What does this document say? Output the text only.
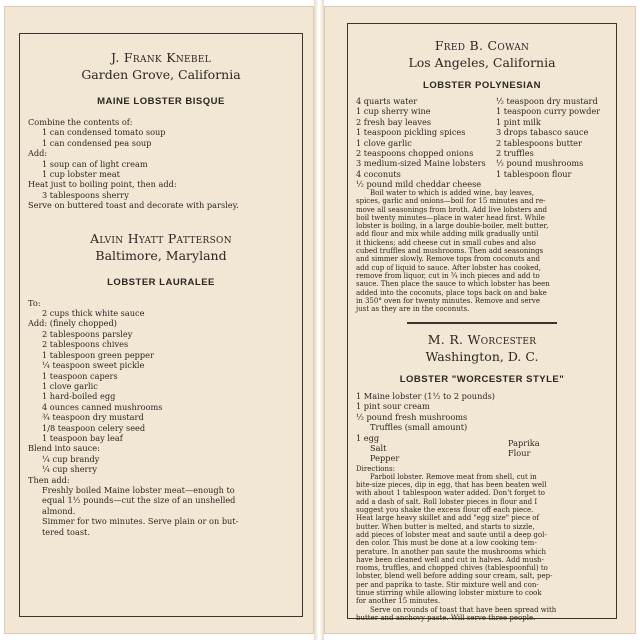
J. Frank Knebel

Garden Grove, California

MAINE LOBSTER BISQUE

Combine the contents of:

1 can condensed tomato soup

1 can condensed pea soup

Add:

1 soup can of light cream

1 cup lobster meat

Heat just to boiling point, then add:

3 tablespoons sherry

Serve on buttered toast and decorate with parsley.

Alvin Hyatt Patterson

Baltimore, Maryland

LOBSTER LAURALEE

To:

2 cups thick white sauce

Add: (finely chopped)

2 tablespoons parsley

2 tablespoons chives

1 tablespoon green pepper

¼ teaspoon sweet pickle

1 teaspoon capers

1 clove garlic

1 hard-boiled egg

4 ounces canned mushrooms

¾ teaspoon dry mustard

1/8 teaspoon celery seed

1 teaspoon bay leaf

Blend into sauce:

¼ cup brandy

¼ cup sherry

Then add:

Freshly boiled Maine lobster meat—enough to

equal 1½ pounds—cut the size of an unshelled

almond.

Simmer for two minutes. Serve plain or on but-

tered toast.

Fred B. Cowan

Los Angeles, California

LOBSTER POLYNESIAN

4 quarts water

1 cup sherry wine

2 fresh bay leaves

1 teaspoon pickling spices

1 clove garlic

2 teaspoons chopped onions

3 medium-sized Maine lobsters

4 coconuts

½ pound mild cheddar cheese

½ teaspoon dry mustard

1 teaspoon curry powder

1 pint milk

3 drops tabasco sauce

2 tablespoons butter

2 truffles

½ pound mushrooms

1 tablespoon flour

Boil water to which is added wine, bay leaves,

spices, garlic and onions—boil for 15 minutes and re-

move all seasonings from broth. Add live lobsters and

boil twenty minutes—place in water head first. While

lobster is boiling, in a large double-boiler, melt butter,

add flour and mix while adding milk gradually until

it thickens; add cheese cut in small cubes and also

cubed truffles and mushrooms. Then add seasonings

and simmer slowly. Remove tops from coconuts and

add cup of liquid to sauce. After lobster has cooked,

remove from liquor, cut in ¾ inch pieces and add to

sauce. Then place the sauce to which lobster has been

added into the coconuts, place tops back on and bake

in 350° oven for twenty minutes. Remove and serve

just as they are in the coconuts.

M. R. Worcester

Washington, D. C.

LOBSTER "WORCESTER STYLE"

1 Maine lobster (1½ to 2 pounds)

1 pint sour cream

½ pound fresh mushrooms

Truffles (small amount)

1 egg

Salt

Pepper

Paprika

Flour

Directions:

Parboil lobster. Remove meat from shell, cut in

bite-size pieces, dip in egg, that has been beaten well

with about 1 tablespoon water added. Don't forget to

add a dash of salt. Roll lobster pieces in flour and I

suggest you shake the excess flour off each piece.

Heat large heavy skillet and add "egg size" piece of

butter. When butter is melted, and starts to sizzle,

add pieces of lobster meat and saute until a deep gol-

den color. This must be done at a low cooking tem-

perature. In another pan saute the mushrooms which

have been cleaned well and cut in halves. Add mush-

rooms, truffles, and chopped chives (tablespoonful) to

lobster, blend well before adding sour cream, salt, pep-

per and paprika to taste. Stir mixture well and con-

tinue stirring while allowing lobster mixture to cook

for another 15 minutes.

Serve on rounds of toast that have been spread with

butter and anchovy paste. Will serve three people.
